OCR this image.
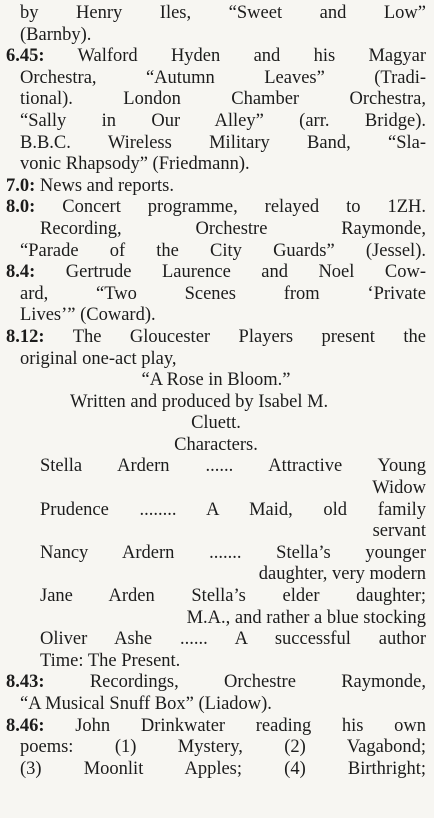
by Henry Iles, “Sweet and Low”
(Barnby).
6.45: Walford Hyden and his Magyar
Orchestra, “Autumn Leaves” (Tradi-
tional). London Chamber Orchestra,
“Sally in Our Alley” (arr. Bridge).
B.B.C. Wireless Military Band, “Sla-
vonic Rhapsody” (Friedmann).
7.0: News and reports.
8.0: Concert programme, relayed to 1ZH.
Recording, Orchestre Raymonde,
“Parade of the City Guards” (Jessel).
8.4: Gertrude Laurence and Noel Cow-
ard, “Two Scenes from ‘Private
Lives’” (Coward).
8.12: The Gloucester Players present the
original one-act play,
“A Rose in Bloom.”
Written and produced by Isabel M.
Cluett.
Characters.
Stella Ardern ...... Attractive Young
Widow
Prudence ........ A Maid, old family
servant
Nancy Ardern ....... Stella’s younger
daughter, very modern
Jane Arden Stella’s elder daughter;
M.A., and rather a blue stocking
Oliver Ashe ...... A successful author
Time: The Present.
8.43: Recordings, Orchestre Raymonde,
“A Musical Snuff Box” (Liadow).
8.46: John Drinkwater reading his own
poems: (1) Mystery, (2) Vagabond;
(3) Moonlit Apples; (4) Birthright;
